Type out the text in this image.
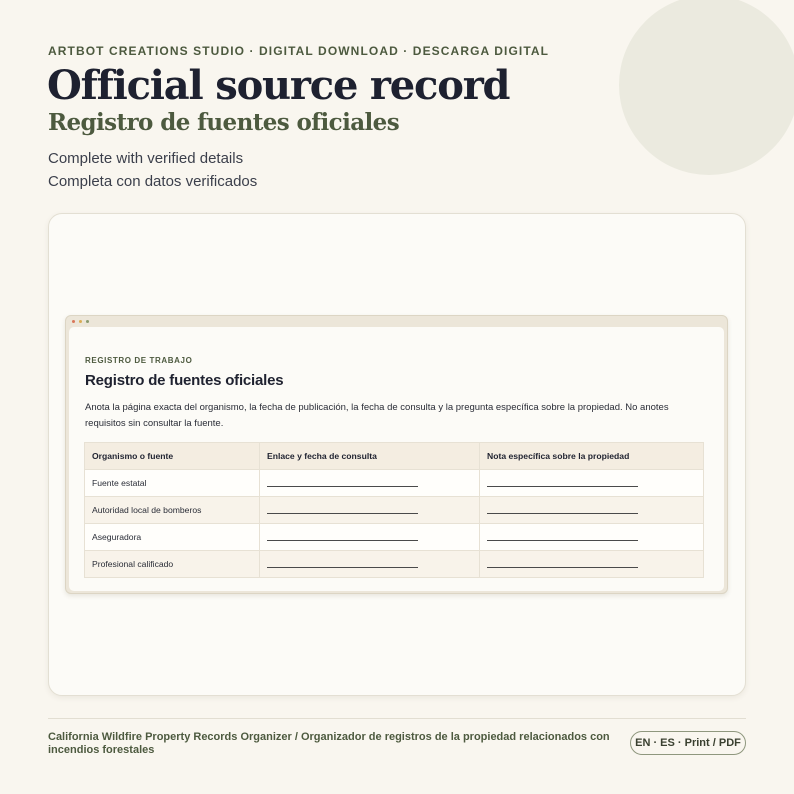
ARTBOT CREATIONS STUDIO · DIGITAL DOWNLOAD · DESCARGA DIGITAL
Official source record
Registro de fuentes oficiales

Complete with verified details

Completa con datos verificados

REGISTRO DE TRABAJO
Registro de fuentes oficiales

Anota la página exacta del organismo, la fecha de publicación, la fecha de consulta y la pregunta específica sobre la propiedad. No anotes requisitos sin consultar la fuente.

Organismo o fuente	Enlace y fecha de consulta	Nota específica sobre la propiedad
Fuente estatal	

Autoridad local de bomberos	

Aseguradora	

Profesional calificado	

California Wildfire Property Records Organizer / Organizador de registros de la propiedad relacionados con incendios forestales

EN · ES · Print / PDF
